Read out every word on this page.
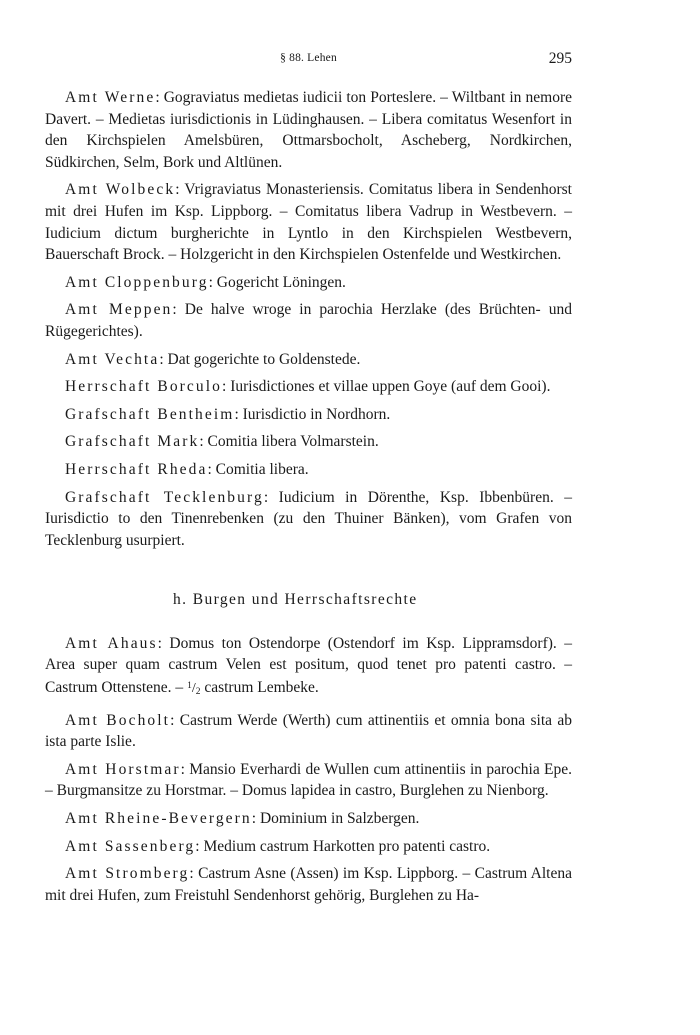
§ 88. Lehen	295

Amt Werne: Gograviatus medietas iudicii ton Porteslere. – Wiltbant in nemore Davert. – Medietas iurisdictionis in Lüdinghausen. – Libera comitatus Wesenfort in den Kirchspielen Amelsbüren, Ottmarsbocholt, Ascheberg, Nordkirchen, Südkirchen, Selm, Bork und Altlünen.

Amt Wolbeck: Vrigraviatus Monasteriensis. Comitatus libera in Sendenhorst mit drei Hufen im Ksp. Lippborg. – Comitatus libera Vadrup in Westbevern. – Iudicium dictum burgherichte in Lyntlo in den Kirchspielen Westbevern, Bauerschaft Brock. – Holzgericht in den Kirchspielen Ostenfelde und Westkirchen.

Amt Cloppenburg: Gogericht Löningen.

Amt Meppen: De halve wroge in parochia Herzlake (des Brüchten- und Rügegerichtes).

Amt Vechta: Dat gogerichte to Goldenstede.

Herrschaft Borculo: Iurisdictiones et villae uppen Goye (auf dem Gooi).

Grafschaft Bentheim: Iurisdictio in Nordhorn.

Grafschaft Mark: Comitia libera Volmarstein.

Herrschaft Rheda: Comitia libera.

Grafschaft Tecklenburg: Iudicium in Dörenthe, Ksp. Ibbenbüren. – Iurisdictio to den Tinenrebenken (zu den Thuiner Bänken), vom Grafen von Tecklenburg usurpiert.

h. Burgen und Herrschaftsrechte

Amt Ahaus: Domus ton Ostendorpe (Ostendorf im Ksp. Lippramsdorf). – Area super quam castrum Velen est positum, quod tenet pro patenti castro. – Castrum Ottenstene. – $^1/_2$ castrum Lembeke.

Amt Bocholt: Castrum Werde (Werth) cum attinentiis et omnia bona sita ab ista parte Islie.

Amt Horstmar: Mansio Everhardi de Wullen cum attinentiis in parochia Epe. – Burgmansitze zu Horstmar. – Domus lapidea in castro, Burglehen zu Nienborg.

Amt Rheine-Bevergern: Dominium in Salzbergen.

Amt Sassenberg: Medium castrum Harkotten pro patenti castro.

Amt Stromberg: Castrum Asne (Assen) im Ksp. Lippborg. – Castrum Altena mit drei Hufen, zum Freistuhl Sendenhorst gehörig, Burglehen zu Ha-
